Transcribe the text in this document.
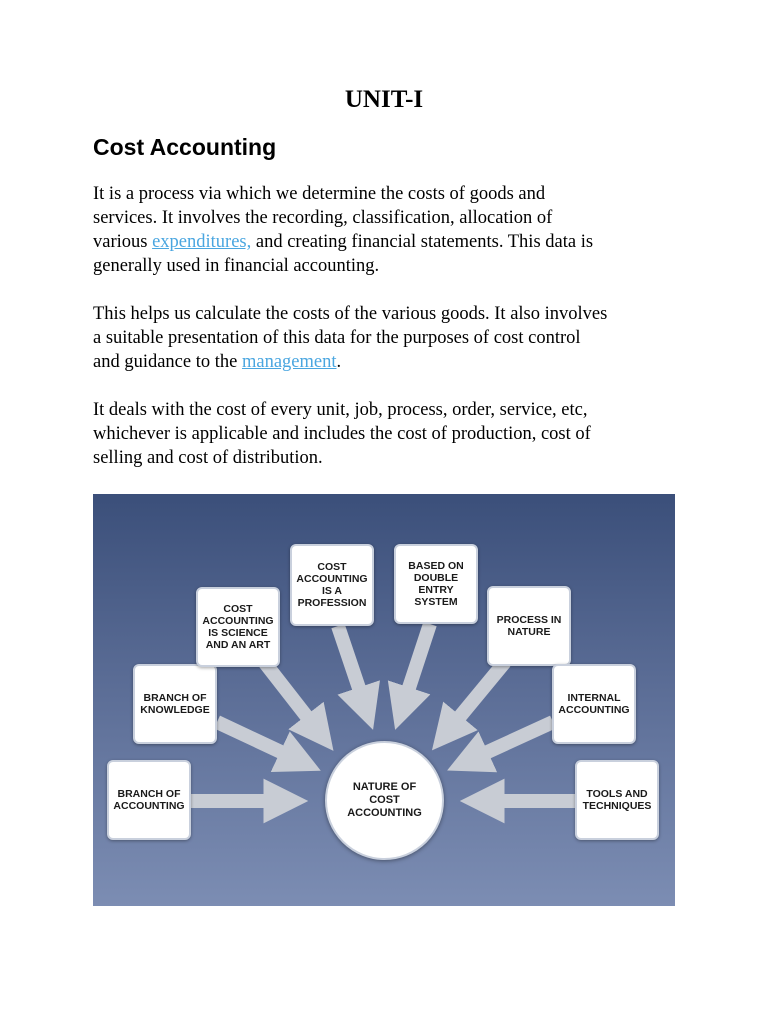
UNIT-I
Cost Accounting

It is a process via which we determine the costs of goods and
services. It involves the recording, classification, allocation of
various expenditures, and creating financial statements. This data is
generally used in financial accounting.

This helps us calculate the costs of the various goods. It also involves
a suitable presentation of this data for the purposes of cost control
and guidance to the management.

It deals with the cost of every unit, job, process, order, service, etc,
whichever is applicable and includes the cost of production, cost of
selling and cost of distribution.

BRANCH OF ACCOUNTING
BRANCH OF KNOWLEDGE
COST ACCOUNTING IS SCIENCE AND AN ART
COST ACCOUNTING IS A PROFESSION
BASED ON DOUBLE ENTRY SYSTEM
PROCESS IN NATURE
INTERNAL ACCOUNTING
TOOLS AND TECHNIQUES
NATURE OF COST ACCOUNTING
